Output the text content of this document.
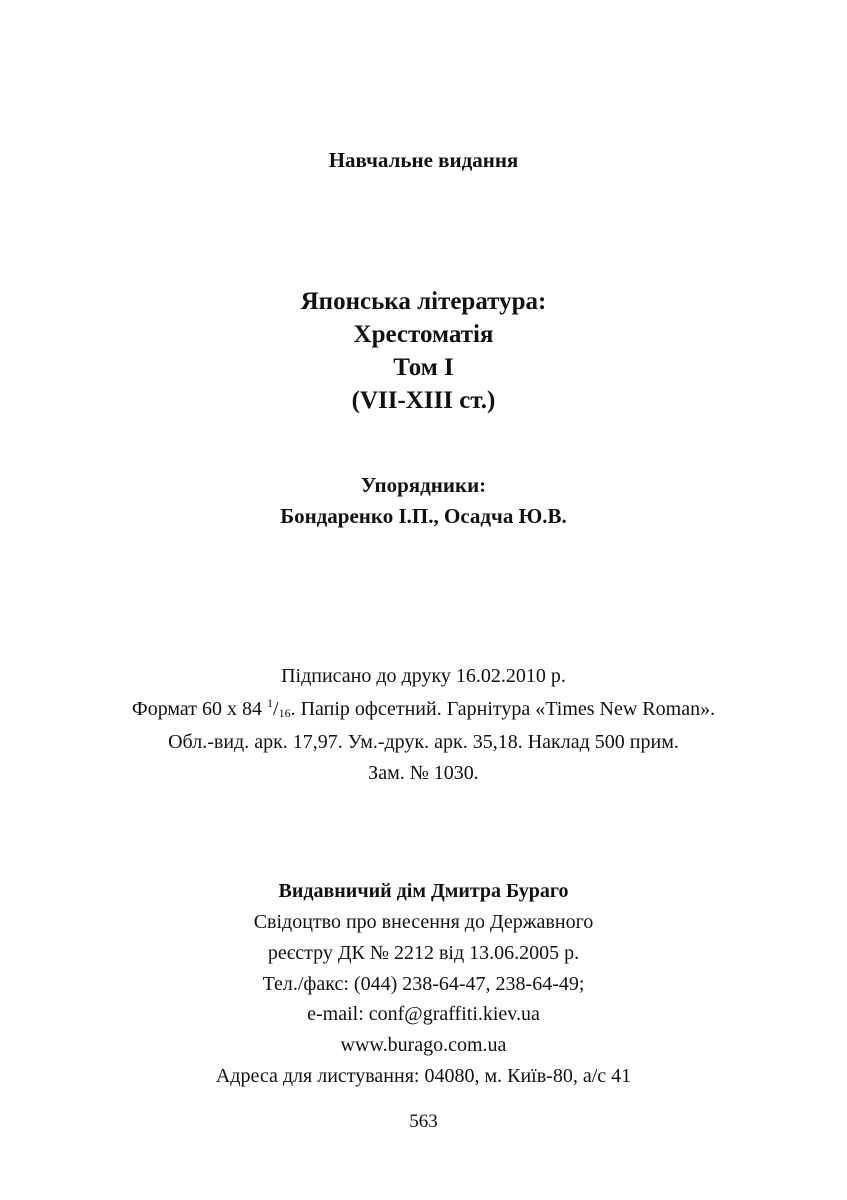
Навчальне видання
Японська література:
Хрестоматія
Том I
(VII-XIII ст.)
Упорядники:
Бондаренко І.П., Осадча Ю.В.
Підписано до друку 16.02.2010 р.
Формат 60 х 84 $^1/_{16}$. Папір офсетний. Гарнітура «Times New Roman».
Обл.-вид. арк. 17,97. Ум.-друк. арк. 35,18. Наклад 500 прим.
Зам. № 1030.
Видавничий дім Дмитра Бураго
Свідоцтво про внесення до Державного
реєстру ДК № 2212 від 13.06.2005 р.
Тел./факс: (044) 238-64-47, 238-64-49;
e-mail: conf@graffiti.kiev.ua
www.burago.com.ua
Адреса для листування: 04080, м. Київ-80, а/с 41
563
